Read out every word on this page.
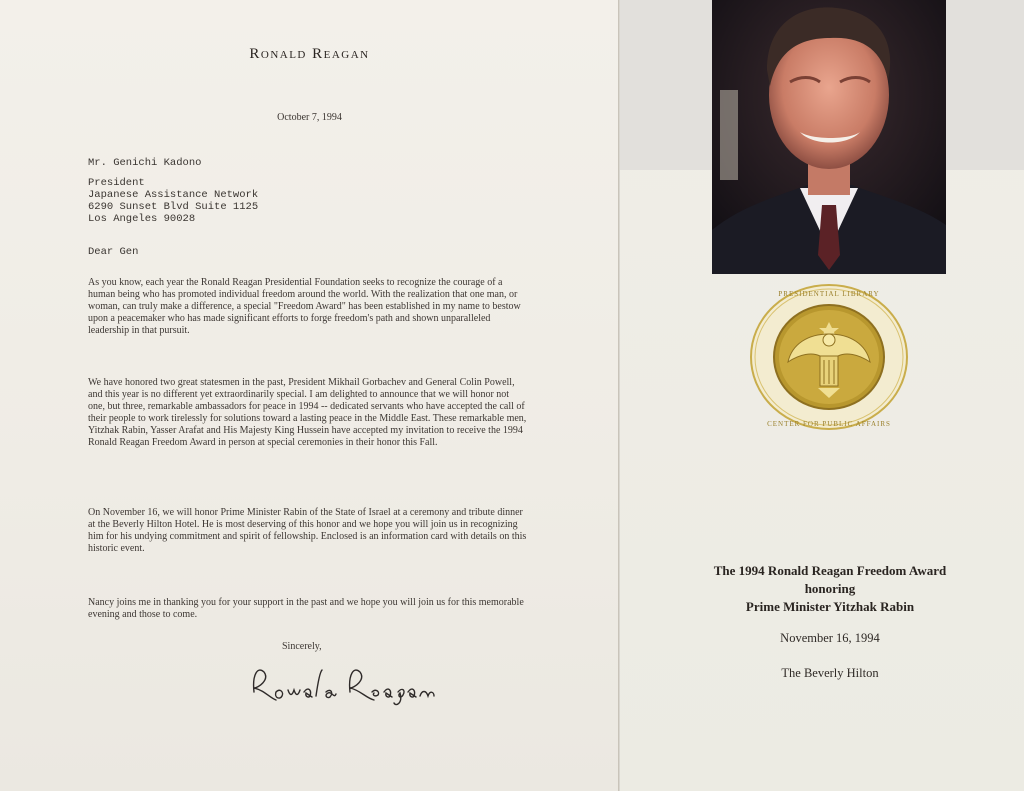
Ronald Reagan
October 7, 1994
Mr. Genichi Kadono
President
Japanese Assistance Network
6290 Sunset Blvd Suite 1125
Los Angeles 90028
Dear Gen

As you know, each year the Ronald Reagan Presidential Foundation seeks to recognize the courage of a human being who has promoted individual freedom around the world. With the realization that one man, or woman, can truly make a difference, a special "Freedom Award" has been established in my name to bestow upon a peacemaker who has made significant efforts to forge freedom's path and shown unparalleled leadership in that pursuit.

We have honored two great statesmen in the past, President Mikhail Gorbachev and General Colin Powell, and this year is no different yet extraordinarily special. I am delighted to announce that we will honor not one, but three, remarkable ambassadors for peace in 1994 -- dedicated servants who have accepted the call of their people to work tirelessly for solutions toward a lasting peace in the Middle East. These remarkable men, Yitzhak Rabin, Yasser Arafat and His Majesty King Hussein have accepted my invitation to receive the 1994 Ronald Reagan Freedom Award in person at special ceremonies in their honor this Fall.

On November 16, we will honor Prime Minister Rabin of the State of Israel at a ceremony and tribute dinner at the Beverly Hilton Hotel. He is most deserving of this honor and we hope you will join us in recognizing him for his undying commitment and spirit of fellowship. Enclosed is an information card with details on this historic event.

Nancy joins me in thanking you for your support in the past and we hope you will join us for this memorable evening and those to come.

Sincerely,
PRESIDENTIAL LIBRARY
CENTER FOR PUBLIC AFFAIRS
The 1994 Ronald Reagan Freedom Award
honoring
Prime Minister Yitzhak Rabin
November 16, 1994
The Beverly Hilton
